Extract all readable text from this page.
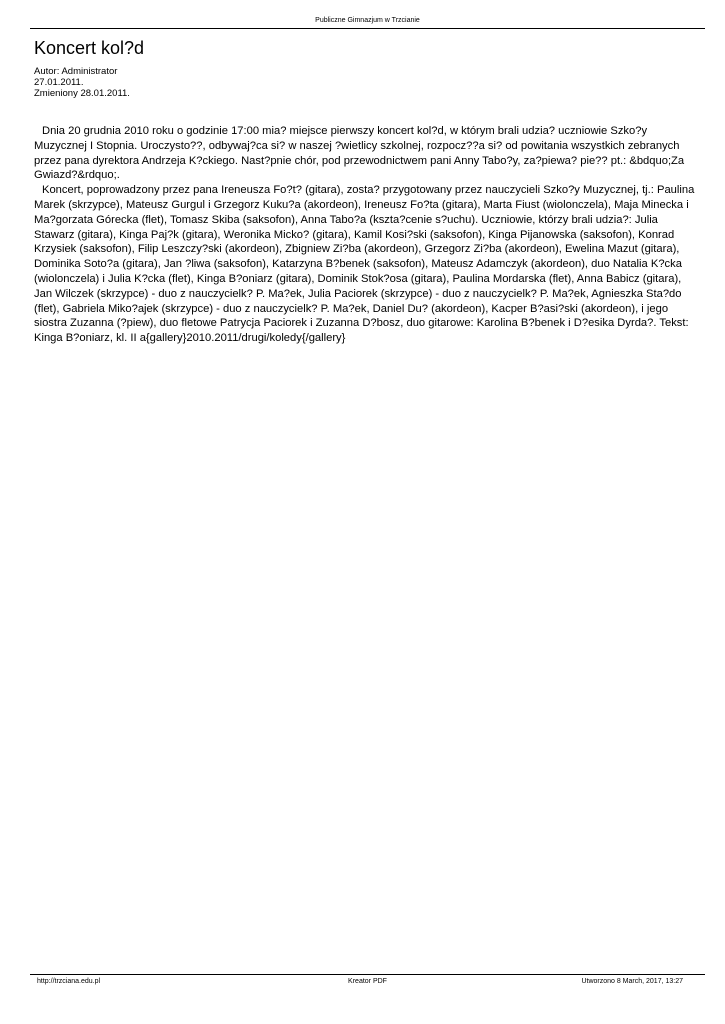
Publiczne Gimnazjum w Trzcianie
Koncert kol?d
Autor: Administrator
27.01.2011.
Zmieniony 28.01.2011.

Dnia 20 grudnia 2010 roku o godzinie 17:00 mia? miejsce pierwszy koncert kol?d, w którym brali udzia? uczniowie Szko?y Muzycznej I Stopnia. Uroczysto??, odbywaj?ca si? w naszej ?wietlicy szkolnej, rozpocz??a si? od powitania wszystkich zebranych przez pana dyrektora Andrzeja K?ckiego. Nast?pnie chór, pod przewodnictwem pani Anny Tabo?y, za?piewa? pie?? pt.: &bdquo;Za Gwiazd?&rdquo;.

Koncert, poprowadzony przez pana Ireneusza Fo?t? (gitara), zosta? przygotowany przez nauczycieli Szko?y Muzycznej, tj.: Paulina Marek (skrzypce), Mateusz Gurgul i Grzegorz Kuku?a (akordeon), Ireneusz Fo?ta (gitara), Marta Fiust (wiolonczela), Maja Minecka i Ma?gorzata Górecka (flet), Tomasz Skiba (saksofon), Anna Tabo?a (kszta?cenie s?uchu). Uczniowie, którzy brali udzia?: Julia Stawarz (gitara), Kinga Paj?k (gitara), Weronika Micko? (gitara), Kamil Kosi?ski (saksofon), Kinga Pijanowska (saksofon), Konrad Krzysiek (saksofon), Filip Leszczy?ski (akordeon), Zbigniew Zi?ba (akordeon), Grzegorz Zi?ba (akordeon), Ewelina Mazut (gitara), Dominika Soto?a (gitara), Jan ?liwa (saksofon), Katarzyna B?benek (saksofon), Mateusz Adamczyk (akordeon), duo Natalia K?cka (wiolonczela) i Julia K?cka (flet), Kinga B?oniarz (gitara), Dominik Stok?osa (gitara), Paulina Mordarska (flet), Anna Babicz (gitara), Jan Wilczek (skrzypce) - duo z nauczycielk? P. Ma?ek, Julia Paciorek (skrzypce) - duo z nauczycielk? P. Ma?ek, Agnieszka Sta?do (flet), Gabriela Miko?ajek (skrzypce) - duo z nauczycielk? P. Ma?ek, Daniel Du? (akordeon), Kacper B?asi?ski (akordeon), i jego siostra Zuzanna (?piew), duo fletowe Patrycja Paciorek i Zuzanna D?bosz, duo gitarowe: Karolina B?benek i D?esika Dyrda?. Tekst: Kinga B?oniarz, kl. II a{gallery}2010.2011/drugi/koledy{/gallery}

http://trzciana.edu.pl	Kreator PDF	Utworzono 8 March, 2017, 13:27
